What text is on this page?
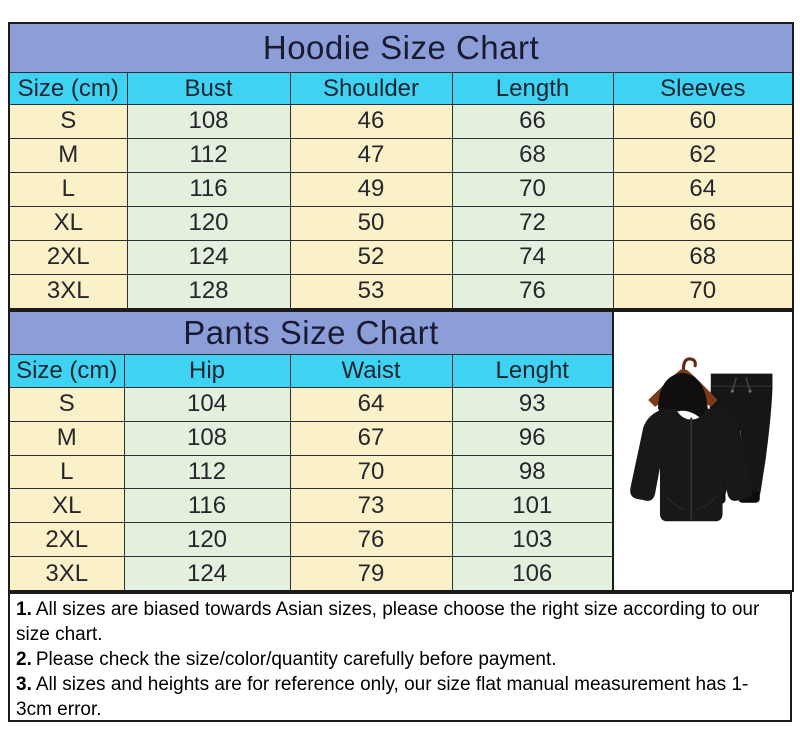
Hoodie Size Chart				
Size (cm)	Bust	Shoulder	Length	Sleeves
S	108	46	66	60
M	112	47	68	62
L	116	49	70	64
XL	120	50	72	66
2XL	124	52	74	68
3XL	128	53	76	70
Pants Size Chart			
Size (cm)	Hip	Waist	Lenght
S	104	64	93
M	108	67	96
L	112	70	98
XL	116	73	101
2XL	120	76	103
3XL	124	79	106

1. All sizes are biased towards Asian sizes, please choose the right size according to our size chart.

2. Please check the size/color/quantity carefully before payment.

3. All sizes and heights are for reference only, our size flat manual measurement has 1-3cm error.
